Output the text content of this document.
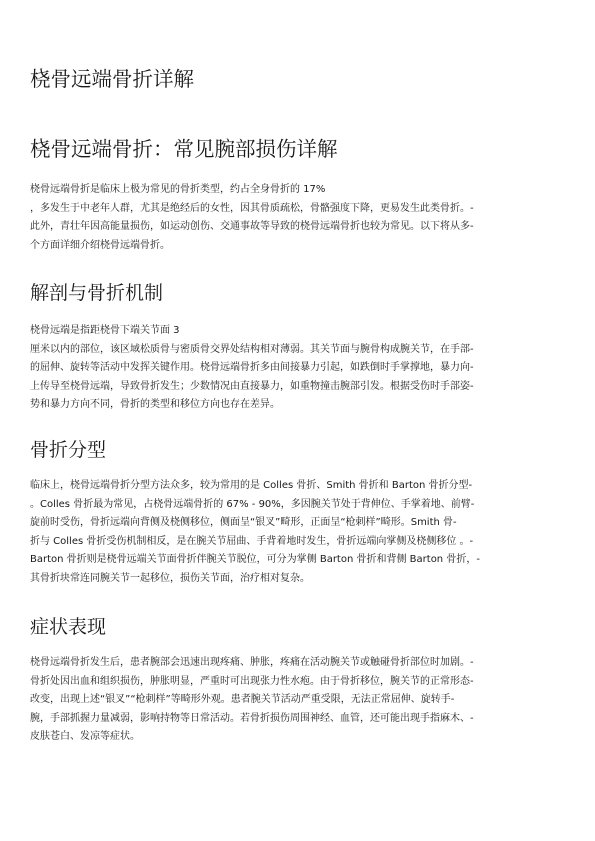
桡骨远端骨折详解
桡骨远端骨折：常见腕部损伤详解

桡骨远端骨折是临床上极为常见的骨折类型，约占全身骨折的 17%
，多发生于中老年人群，尤其是绝经后的女性，因其骨质疏松，骨骼强度下降，更易发生此类骨折。-
此外，青壮年因高能量损伤，如运动创伤、交通事故等导致的桡骨远端骨折也较为常见。以下将从多-
个方面详细介绍桡骨远端骨折。

解剖与骨折机制

桡骨远端是指距桡骨下端关节面 3
厘米以内的部位，该区域松质骨与密质骨交界处结构相对薄弱。其关节面与腕骨构成腕关节，在手部-
的屈伸、旋转等活动中发挥关键作用。桡骨远端骨折多由间接暴力引起，如跌倒时手掌撑地，暴力向-
上传导至桡骨远端，导致骨折发生；少数情况由直接暴力，如重物撞击腕部引发。根据受伤时手部姿-
势和暴力方向不同，骨折的类型和移位方向也存在差异。

骨折分型

临床上，桡骨远端骨折分型方法众多，较为常用的是 Colles 骨折、Smith 骨折和 Barton 骨折分型-
。Colles 骨折最为常见，占桡骨远端骨折的 67% - 90%，多因腕关节处于背伸位、手掌着地、前臂-
旋前时受伤，骨折远端向背侧及桡侧移位，侧面呈“银叉”畸形，正面呈“枪刺样”畸形。Smith 骨-
折与 Colles 骨折受伤机制相反，是在腕关节屈曲、手背着地时发生，骨折远端向掌侧及桡侧移位 。-
Barton 骨折则是桡骨远端关节面骨折伴腕关节脱位，可分为掌侧 Barton 骨折和背侧 Barton 骨折，-
其骨折块常连同腕关节一起移位，损伤关节面，治疗相对复杂。

症状表现

桡骨远端骨折发生后，患者腕部会迅速出现疼痛、肿胀，疼痛在活动腕关节或触碰骨折部位时加剧。-
骨折处因出血和组织损伤，肿胀明显，严重时可出现张力性水疱。由于骨折移位，腕关节的正常形态-
改变，出现上述“银叉”“枪刺样”等畸形外观。患者腕关节活动严重受限，无法正常屈伸、旋转手-
腕，手部抓握力量减弱，影响持物等日常活动。若骨折损伤周围神经、血管，还可能出现手指麻木、-
皮肤苍白、发凉等症状。
